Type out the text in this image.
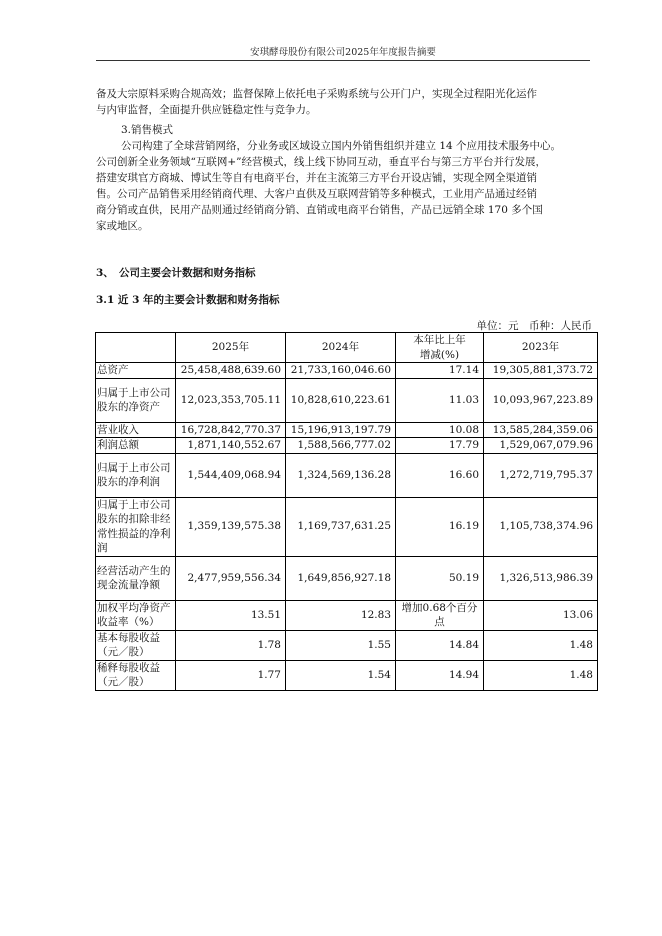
安琪酵母股份有限公司2025年年度报告摘要

备及大宗原料采购合规高效；监督保障上依托电子采购系统与公开门户，实现全过程阳光化运作
与内审监督，全面提升供应链稳定性与竞争力。

3.销售模式

公司构建了全球营销网络，分业务或区域设立国内外销售组织并建立 14 个应用技术服务中心。
公司创新全业务领域“互联网+”经营模式，线上线下协同互动，垂直平台与第三方平台并行发展，
搭建安琪官方商城、博试生等自有电商平台，并在主流第三方平台开设店铺，实现全网全渠道销
售。公司产品销售采用经销商代理、大客户直供及互联网营销等多种模式，工业用产品通过经销
商分销或直供，民用产品则通过经销商分销、直销或电商平台销售，产品已远销全球 170 多个国
家或地区。

3、　公司主要会计数据和财务指标
3.1 近 3 年的主要会计数据和财务指标
单位：元　币种：人民币
	2025年	2024年	本年比上年
增减(%)	2023年
总资产	25,458,488,639.60	21,733,160,046.60	17.14	19,305,881,373.72
归属于上市公司股东的净资产	12,023,353,705.11	10,828,610,223.61	11.03	10,093,967,223.89
营业收入	16,728,842,770.37	15,196,913,197.79	10.08	13,585,284,359.06
利润总额	1,871,140,552.67	1,588,566,777.02	17.79	1,529,067,079.96
归属于上市公司股东的净利润	1,544,409,068.94	1,324,569,136.28	16.60	1,272,719,795.37
归属于上市公司股东的扣除非经常性损益的净利润	1,359,139,575.38	1,169,737,631.25	16.19	1,105,738,374.96
经营活动产生的现金流量净额	2,477,959,556.34	1,649,856,927.18	50.19	1,326,513,986.39
加权平均净资产收益率（%）	13.51	12.83	增加0.68个百分点	13.06
基本每股收益（元／股）	1.78	1.55	14.84	1.48
稀释每股收益（元／股）	1.77	1.54	14.94	1.48
